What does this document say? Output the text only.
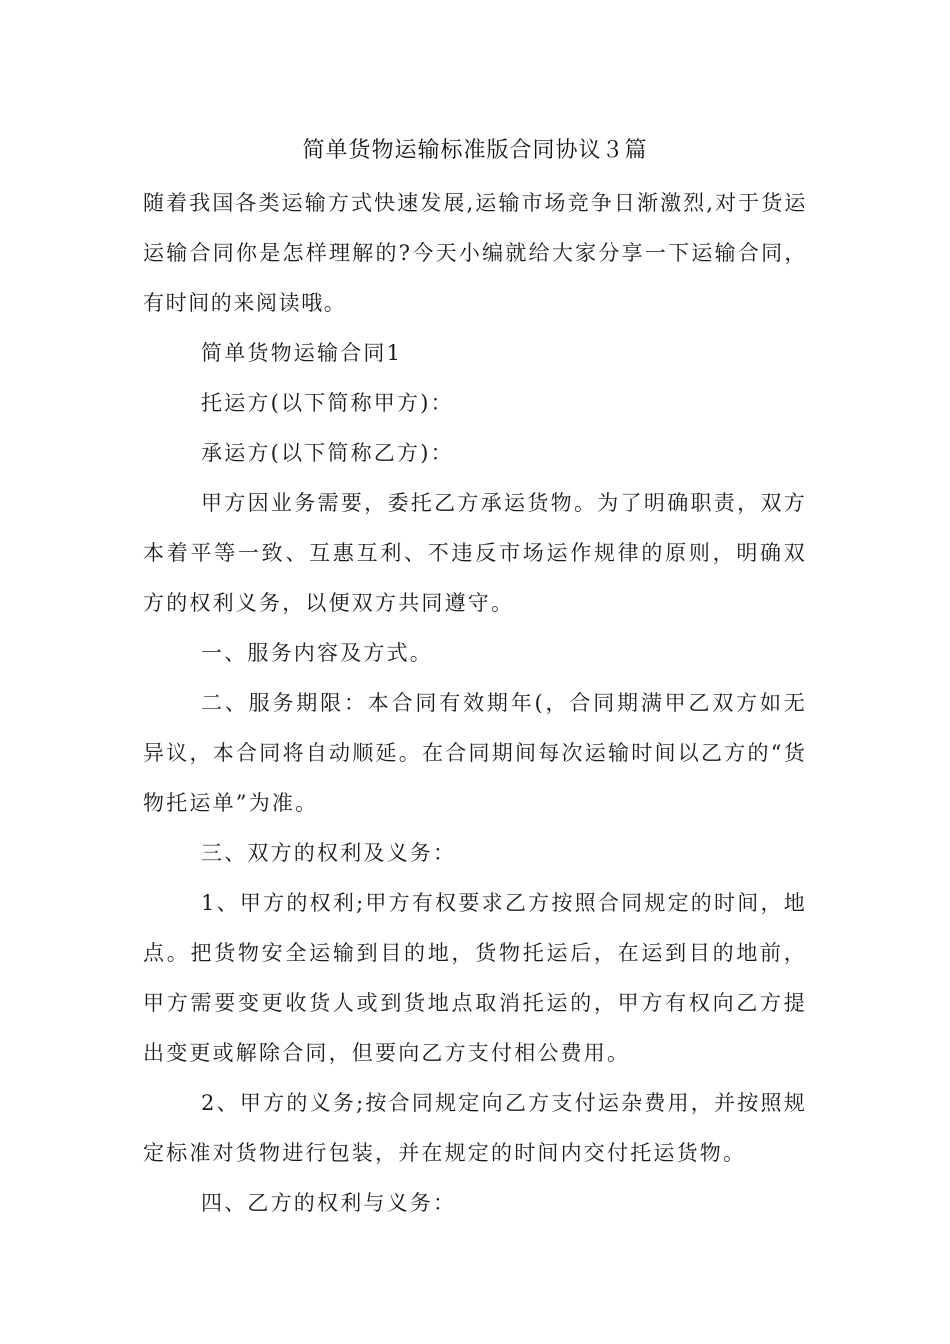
简单货物运输标准版合同协议３篇

随着我国各类运输方式快速发展,运输市场竞争日渐激烈,对于货运运输合同你是怎样理解的?今天小编就给大家分享一下运输合同，有时间的来阅读哦。

简单货物运输合同1

托运方(以下简称甲方)：

承运方(以下简称乙方)：

甲方因业务需要，委托乙方承运货物。为了明确职责，双方本着平等一致、互惠互利、不违反市场运作规律的原则，明确双方的权利义务，以便双方共同遵守。

一、服务内容及方式。

二、服务期限：本合同有效期年(，合同期满甲乙双方如无异议，本合同将自动顺延。在合同期间每次运输时间以乙方的“货物托运单”为准。

三、双方的权利及义务：

1、甲方的权利;甲方有权要求乙方按照合同规定的时间，地点。把货物安全运输到目的地，货物托运后，在运到目的地前，甲方需要变更收货人或到货地点取消托运的，甲方有权向乙方提出变更或解除合同，但要向乙方支付相公费用。

2、甲方的义务;按合同规定向乙方支付运杂费用，并按照规定标准对货物进行包装，并在规定的时间内交付托运货物。

四、乙方的权利与义务：
